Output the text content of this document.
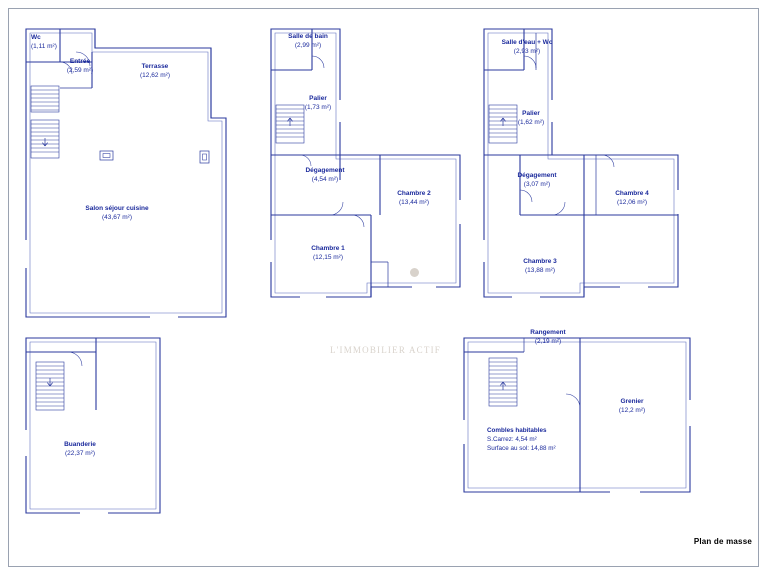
L'IMMOBILIER ACTIF
Wc
(1,11 m²)
Entrée
(2,59 m²)
Terrasse
(12,62 m²)
Salon séjour cuisine
(43,67 m²)
Salle de bain
(2,99 m²)
Palier
(1,73 m²)
Dégagement
(4,54 m²)
Chambre 2
(13,44 m²)
Chambre 1
(12,15 m²)
Salle d'eau + Wc
(2,93 m²)
Palier
(1,62 m²)
Dégagement
(3,07 m²)
Chambre 4
(12,06 m²)
Chambre 3
(13,88 m²)
Buanderie
(22,37 m²)
Rangement
(2,19 m²)
Grenier
(12,2 m²)
Combles habitables
S.Carrez: 4,54 m²
Surface au sol: 14,88 m²
Plan de masse
